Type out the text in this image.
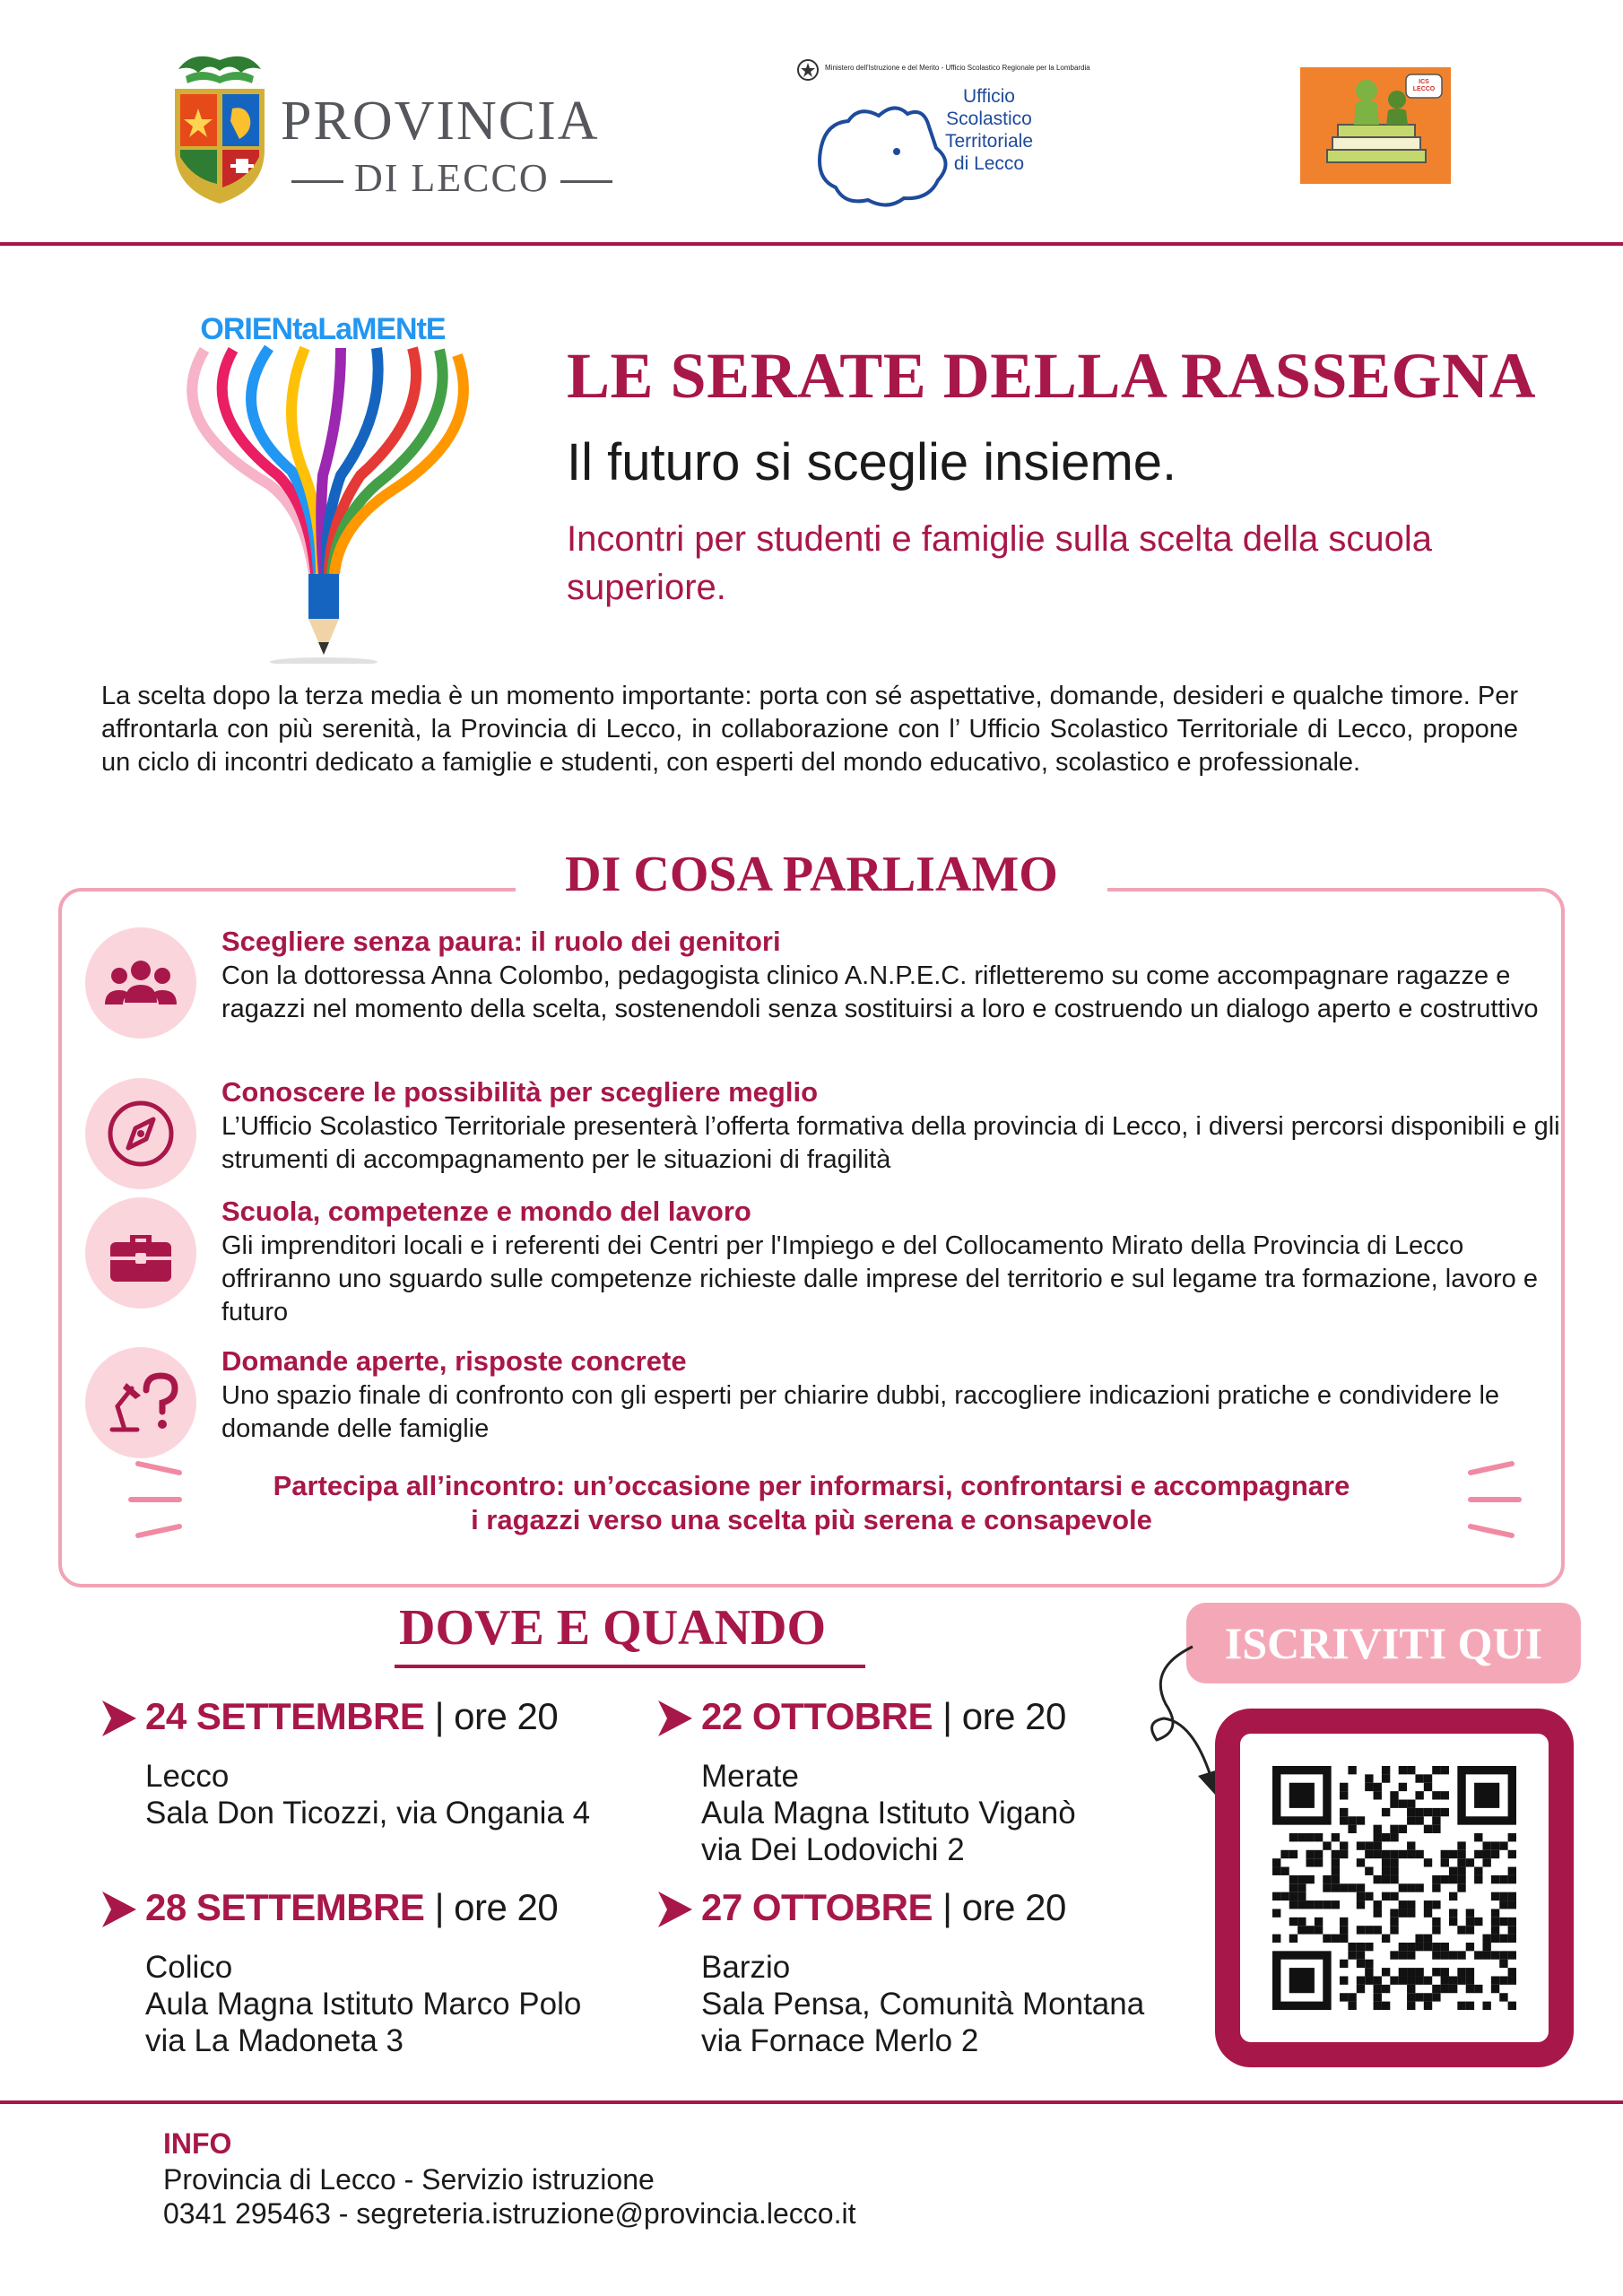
PROVINCIA
DI LECCO
Ministero dell'Istruzione e del Merito - Ufficio Scolastico Regionale per la Lombardia
Ufficio
Scolastico
Territoriale
di Lecco
ICS LECCO
ORIENtaLaMENtE
LE SERATE DELLA RASSEGNA
Il futuro si sceglie insieme.
Incontri per studenti e famiglie sulla scelta della scuola superiore.
La scelta dopo la terza media è un momento importante: porta con sé aspettative, domande, desideri e qualche timore. Per affrontarla con più serenità, la Provincia di Lecco, in collaborazione con l’ Ufficio Scolastico Territoriale di Lecco, propone un ciclo di incontri dedicato a famiglie e studenti, con esperti del mondo educativo, scolastico e professionale.
DI COSA PARLIAMO
Scegliere senza paura: il ruolo dei genitori
Con la dottoressa Anna Colombo, pedagogista clinico A.N.P.E.C. rifletteremo su come accompagnare ragazze e ragazzi nel momento della scelta, sostenendoli senza sostituirsi a loro e costruendo un dialogo aperto e costruttivo
Conoscere le possibilità per scegliere meglio
L’Ufficio Scolastico Territoriale presenterà l’offerta formativa della provincia di Lecco, i diversi percorsi disponibili e gli strumenti di accompagnamento per le situazioni di fragilità
Scuola, competenze e mondo del lavoro
Gli imprenditori locali e i referenti dei Centri per l'Impiego e del Collocamento Mirato della Provincia di Lecco offriranno uno sguardo sulle competenze richieste dalle imprese del territorio e sul legame tra formazione, lavoro e futuro
Domande aperte, risposte concrete
Uno spazio finale di confronto con gli esperti per chiarire dubbi, raccogliere indicazioni pratiche e condividere le domande delle famiglie
Partecipa all’incontro: un’occasione per informarsi, confrontarsi e accompagnare
i ragazzi verso una scelta più serena e consapevole
DOVE E QUANDO
24 SETTEMBRE | ore 20
Lecco
Sala Don Ticozzi, via Ongania 4
22 OTTOBRE | ore 20
Merate
Aula Magna Istituto Viganò
via Dei Lodovichi 2
28 SETTEMBRE | ore 20
Colico
Aula Magna Istituto Marco Polo
via La Madoneta 3
27 OTTOBRE | ore 20
Barzio
Sala Pensa, Comunità Montana
via Fornace Merlo 2
ISCRIVITI QUI
INFO
Provincia di Lecco - Servizio istruzione
0341 295463 - segreteria.istruzione@provincia.lecco.it
